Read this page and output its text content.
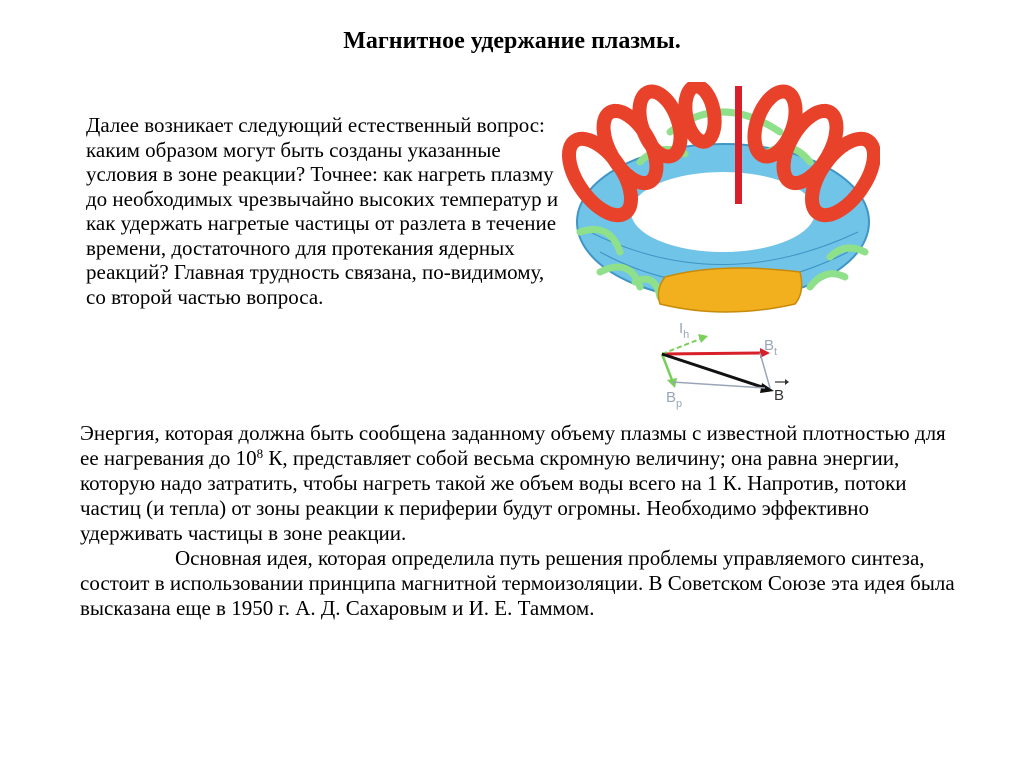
Магнитное удержание плазмы.
Далее возникает следующий естественный вопрос: каким образом могут быть созданы указанные условия в зоне реакции? Точнее: как нагреть плазму до необходимых чрезвычайно высоких температур и как удержать нагретые частицы от разлета в течение времени, достаточного для протекания ядерных реакций? Главная трудность связана, по-видимому, со второй частью вопроса.
$I_h$
$B_t$
$B_p$	B

Энергия, которая должна быть сообщена заданному объему плазмы с известной плотностью для ее нагревания до $10^8$ К, представляет собой весьма скромную величину; она равна энергии, которую надо затратить, чтобы нагреть такой же объем воды всего на 1 К. Напротив, потоки частиц (и тепла) от зоны реакции к периферии будут огромны. Необходимо эффективно удерживать частицы в зоне реакции.

Основная идея, которая определила путь решения проблемы управляемого синтеза, состоит в использовании принципа магнитной термоизоляции. В Советском Союзе эта идея была высказана еще в 1950 г. А. Д. Сахаровым и И. Е. Таммом.
